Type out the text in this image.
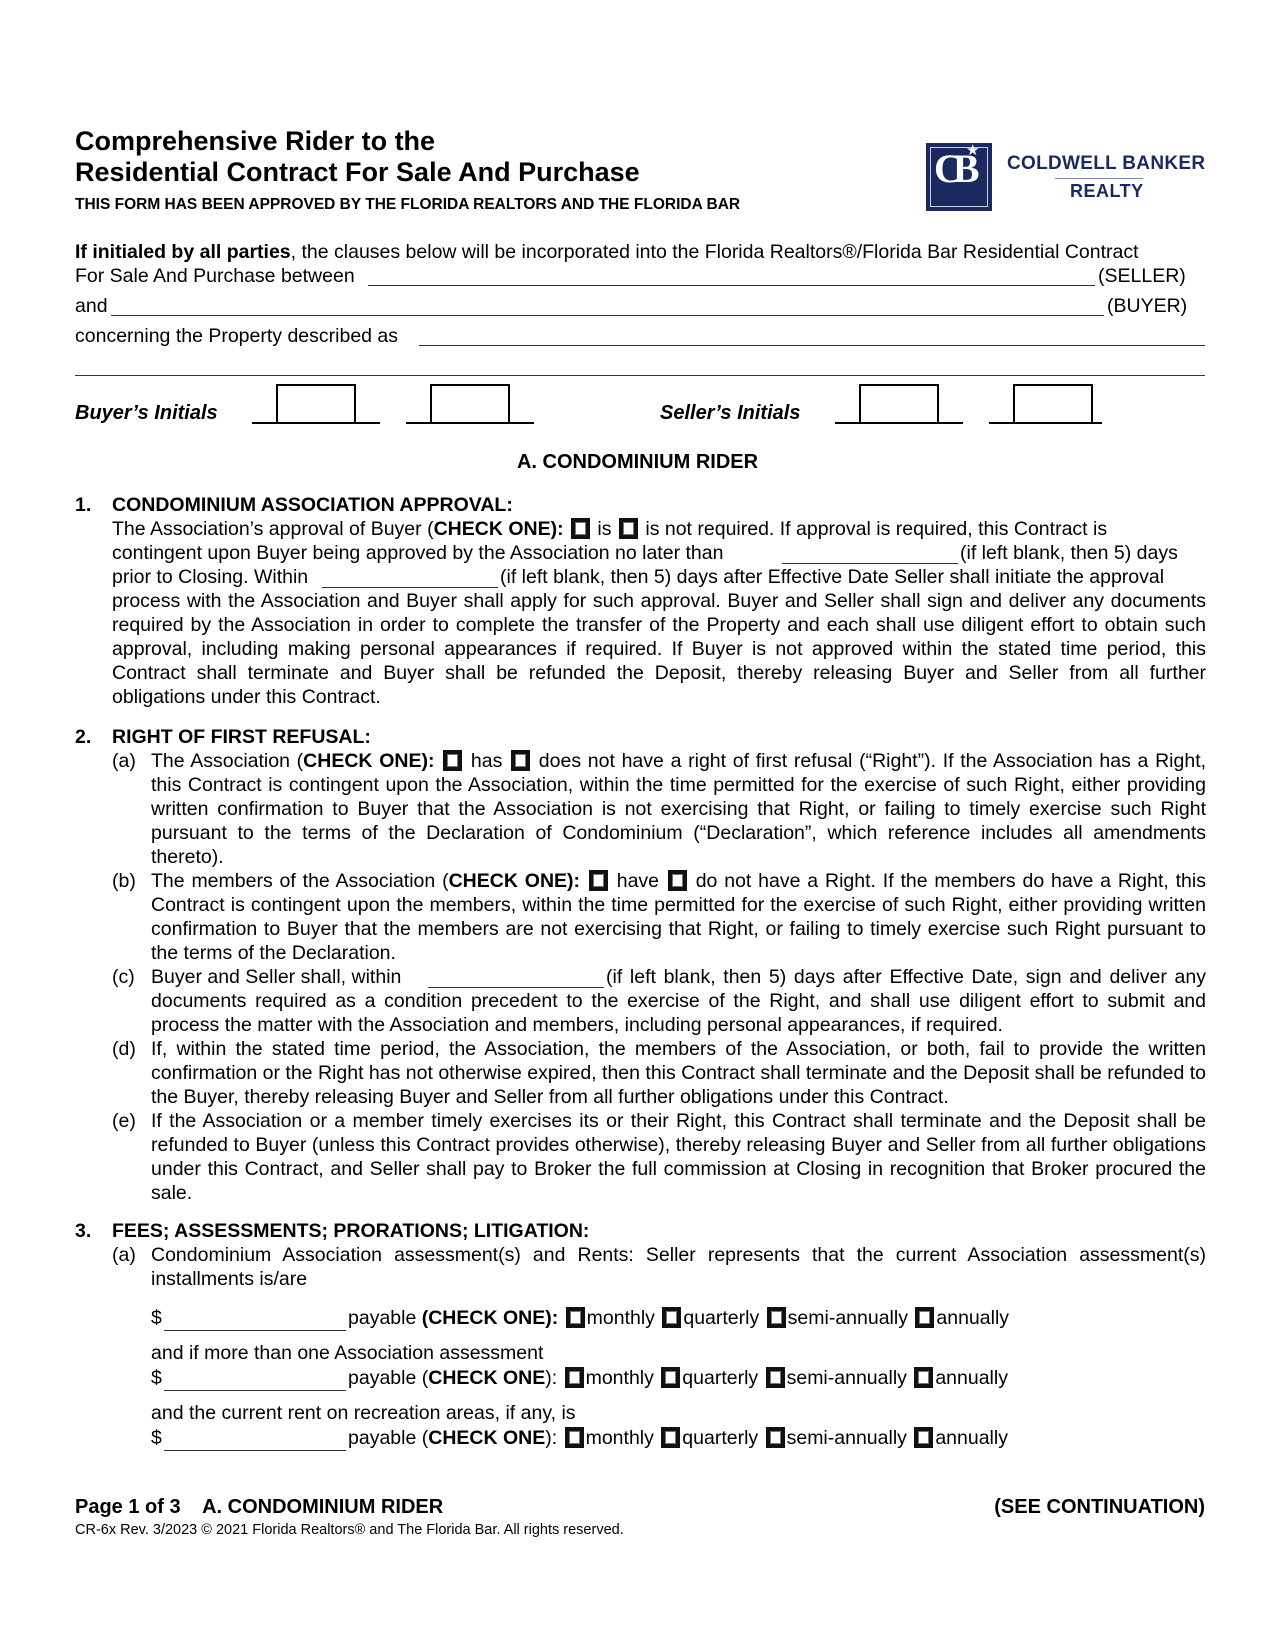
Comprehensive Rider to the
Residential Contract For Sale And Purchase
THIS FORM HAS BEEN APPROVED BY THE FLORIDA REALTORS AND THE FLORIDA BAR
CB
★
COLDWELL BANKER
REALTY
If initialed by all parties, the clauses below will be incorporated into the Florida Realtors®/Florida Bar Residential Contract
For Sale And Purchase between	(SELLER)
and	(BUYER)
concerning the Property described as
Buyer’s Initials	Seller’s Initials
A. CONDOMINIUM RIDER
1. CONDOMINIUM ASSOCIATION APPROVAL:
The Association’s approval of Buyer (CHECK ONE): is is not required. If approval is required, this Contract is
contingent upon Buyer being approved by the Association no later than	(if left blank, then 5) days
prior to Closing. Within	(if left blank, then 5) days after Effective Date Seller shall initiate the approval
process with the Association and Buyer shall apply for such approval. Buyer and Seller shall sign and deliver any documents required by the Association in order to complete the transfer of the Property and each shall use diligent effort to obtain such approval, including making personal appearances if required. If Buyer is not approved within the stated time period, this Contract shall terminate and Buyer shall be refunded the Deposit, thereby releasing Buyer and Seller from all further obligations under this Contract.
2. RIGHT OF FIRST REFUSAL:
(a) The Association (CHECK ONE): has does not have a right of first refusal (“Right”). If the Association has a Right, this Contract is contingent upon the Association, within the time permitted for the exercise of such Right, either providing written confirmation to Buyer that the Association is not exercising that Right, or failing to timely exercise such Right pursuant to the terms of the Declaration of Condominium (“Declaration”, which reference includes all amendments thereto).
(b) The members of the Association (CHECK ONE): have do not have a Right. If the members do have a Right, this Contract is contingent upon the members, within the time permitted for the exercise of such Right, either providing written confirmation to Buyer that the members are not exercising that Right, or failing to timely exercise such Right pursuant to the terms of the Declaration.
(c) Buyer and Seller shall, within	(if left blank, then 5) days after Effective Date, sign and deliver any documents required as a condition precedent to the exercise of the Right, and shall use diligent effort to submit and process the matter with the Association and members, including personal appearances, if required.
(d) If, within the stated time period, the Association, the members of the Association, or both, fail to provide the written confirmation or the Right has not otherwise expired, then this Contract shall terminate and the Deposit shall be refunded to the Buyer, thereby releasing Buyer and Seller from all further obligations under this Contract.
(e) If the Association or a member timely exercises its or their Right, this Contract shall terminate and the Deposit shall be refunded to Buyer (unless this Contract provides otherwise), thereby releasing Buyer and Seller from all further obligations under this Contract, and Seller shall pay to Broker the full commission at Closing in recognition that Broker procured the sale.
3. FEES; ASSESSMENTS; PRORATIONS; LITIGATION:
(a) Condominium Association assessment(s) and Rents: Seller represents that the current Association assessment(s) installments is/are
$	payable (CHECK ONE): monthly quarterly semi-annually annually
and if more than one Association assessment
$	payable (CHECK ONE): monthly quarterly semi-annually annually
and the current rent on recreation areas, if any, is
$	payable (CHECK ONE): monthly quarterly semi-annually annually
Page 1 of 3 A. CONDOMINIUM RIDER	(SEE CONTINUATION)
CR-6x Rev. 3/2023 © 2021 Florida Realtors® and The Florida Bar. All rights reserved.
